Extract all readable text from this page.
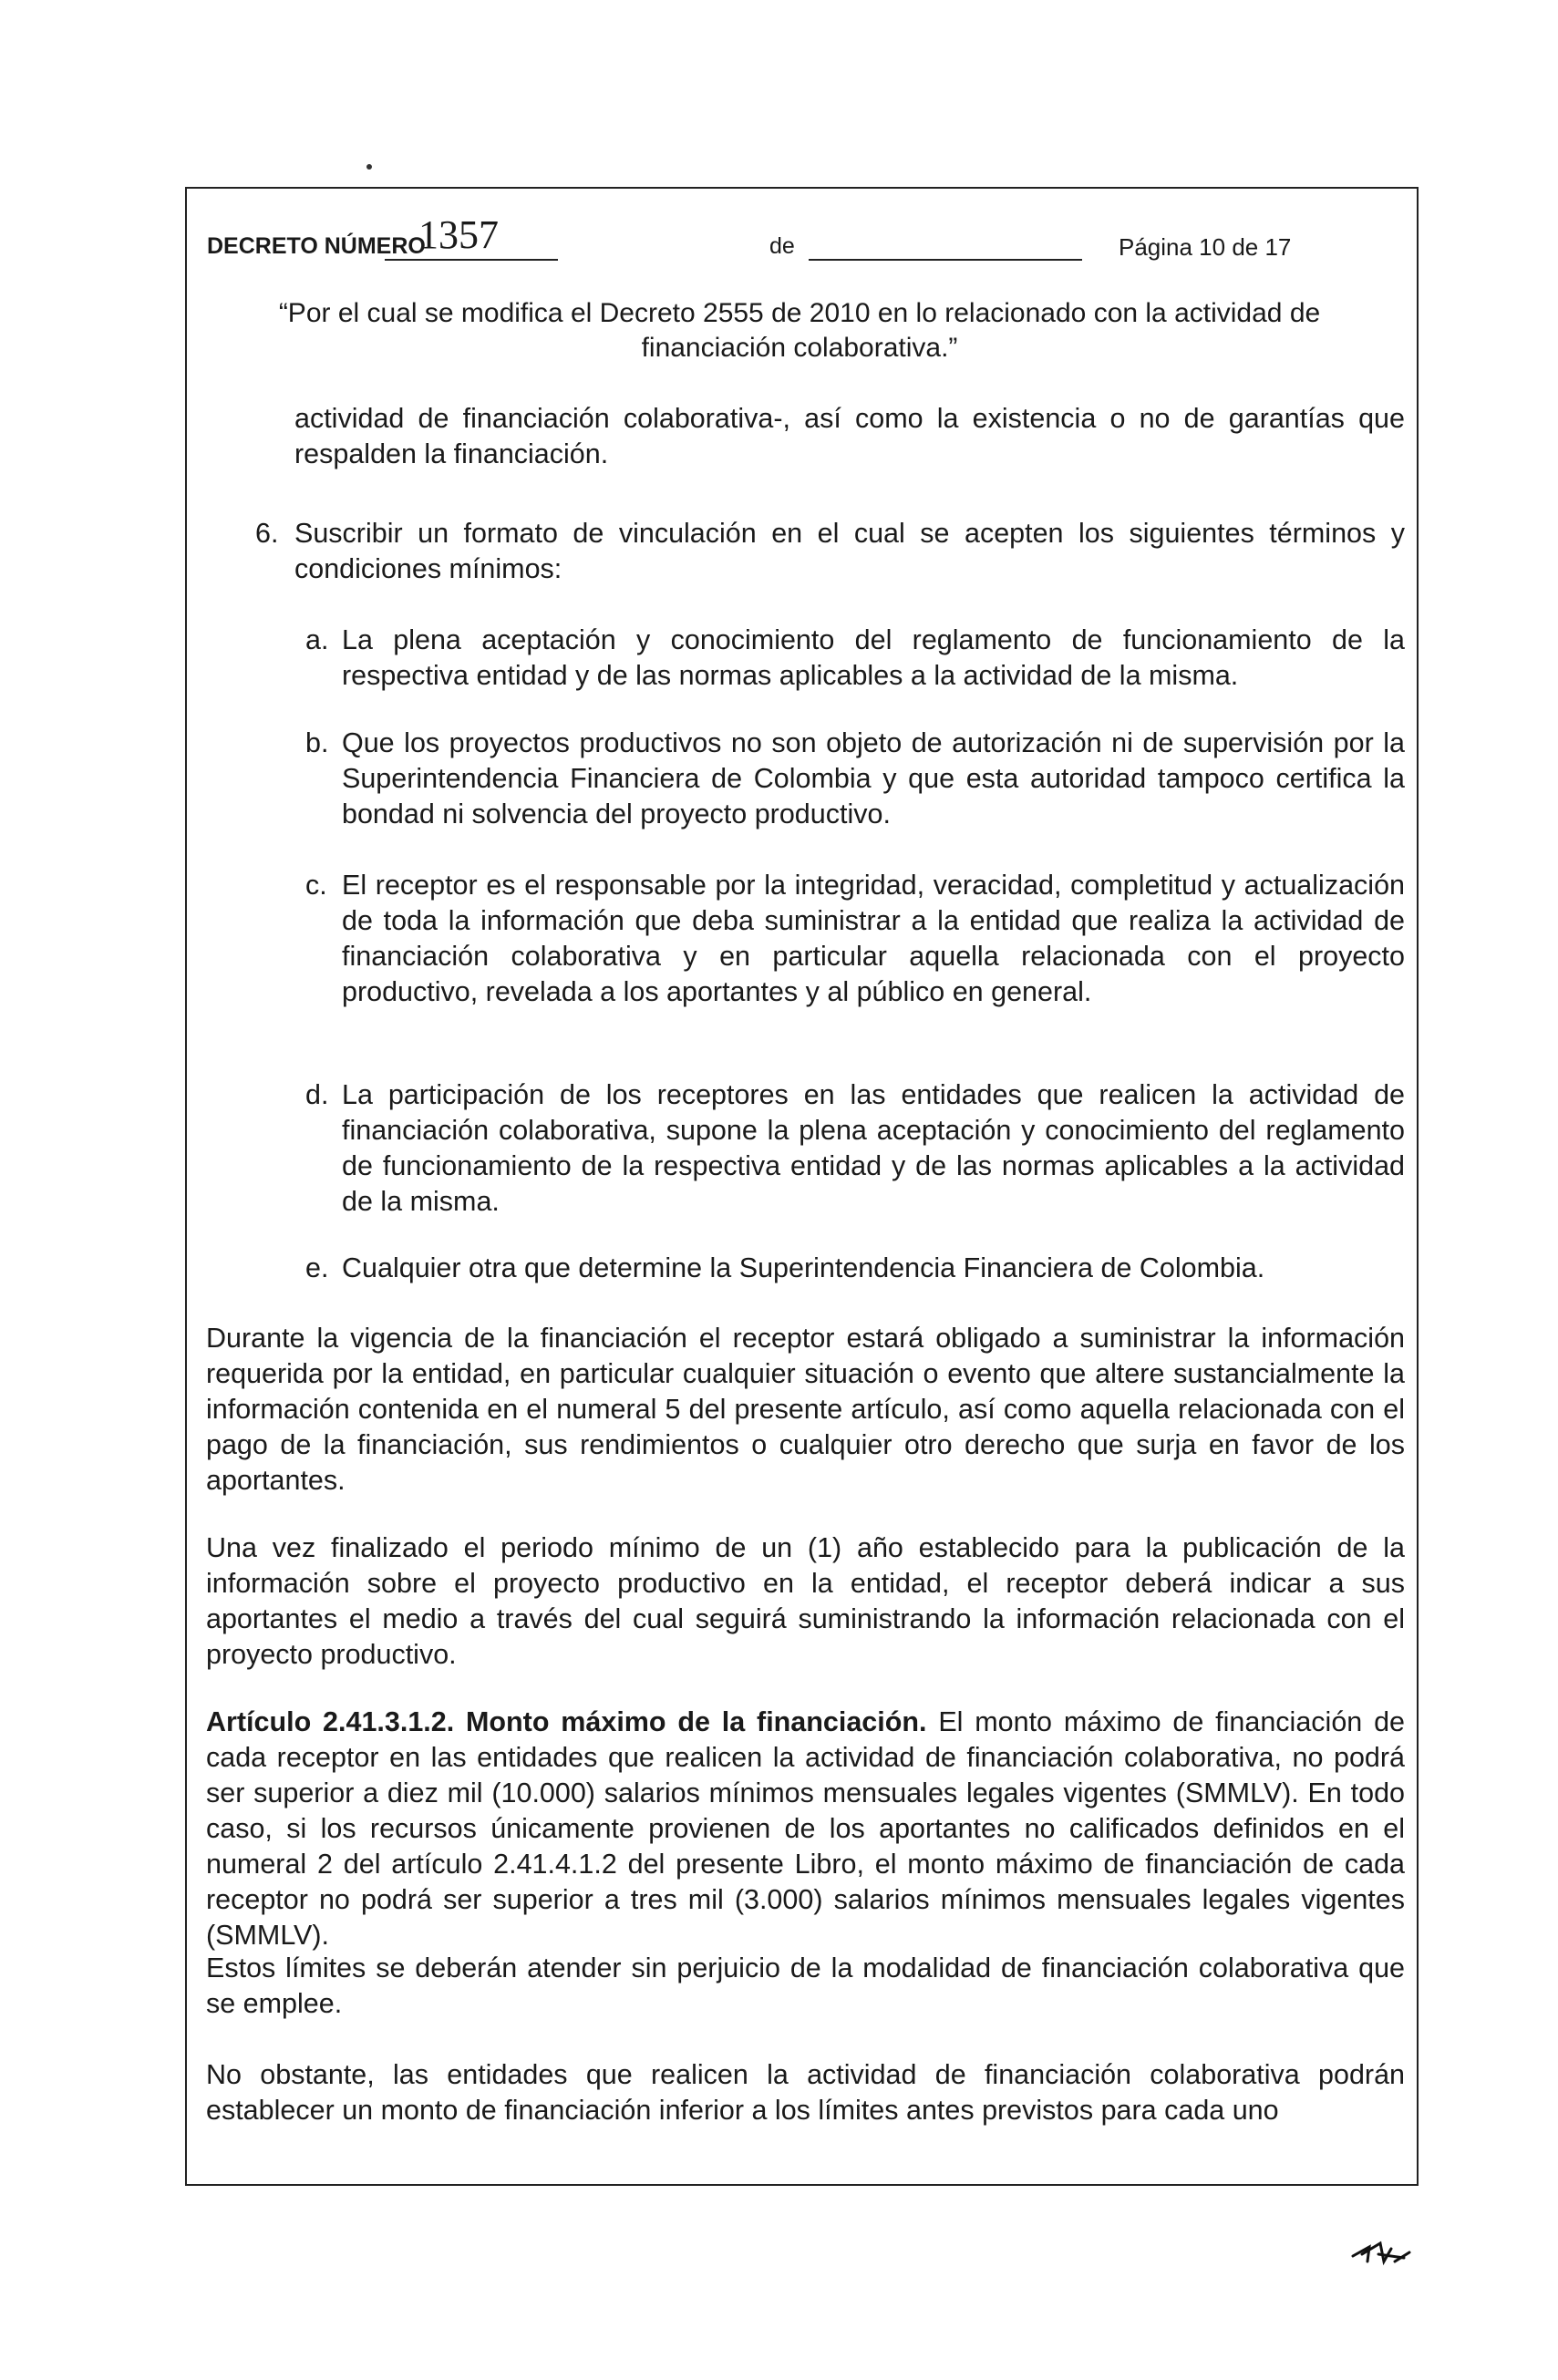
DECRETO NÚMERO
1357	de	Página 10 de 17
“Por el cual se modifica el Decreto 2555 de 2010 en lo relacionado con la actividad de financiación colaborativa.”

actividad de financiación colaborativa-, así como la existencia o no de garantías que respalden la financiación.

6. Suscribir un formato de vinculación en el cual se acepten los siguientes términos y condiciones mínimos:

a. La plena aceptación y conocimiento del reglamento de funcionamiento de la respectiva entidad y de las normas aplicables a la actividad de la misma.

b. Que los proyectos productivos no son objeto de autorización ni de supervisión por la Superintendencia Financiera de Colombia y que esta autoridad tampoco certifica la bondad ni solvencia del proyecto productivo.

c. El receptor es el responsable por la integridad, veracidad, completitud y actualización de toda la información que deba suministrar a la entidad que realiza la actividad de financiación colaborativa y en particular aquella relacionada con el proyecto productivo, revelada a los aportantes y al público en general.

d. La participación de los receptores en las entidades que realicen la actividad de financiación colaborativa, supone la plena aceptación y conocimiento del reglamento de funcionamiento de la respectiva entidad y de las normas aplicables a la actividad de la misma.

e. Cualquier otra que determine la Superintendencia Financiera de Colombia.

Durante la vigencia de la financiación el receptor estará obligado a suministrar la información requerida por la entidad, en particular cualquier situación o evento que altere sustancialmente la información contenida en el numeral 5 del presente artículo, así como aquella relacionada con el pago de la financiación, sus rendimientos o cualquier otro derecho que surja en favor de los aportantes.

Una vez finalizado el periodo mínimo de un (1) año establecido para la publicación de la información sobre el proyecto productivo en la entidad, el receptor deberá indicar a sus aportantes el medio a través del cual seguirá suministrando la información relacionada con el proyecto productivo.

Artículo 2.41.3.1.2. Monto máximo de la financiación. El monto máximo de financiación de cada receptor en las entidades que realicen la actividad de financiación colaborativa, no podrá ser superior a diez mil (10.000) salarios mínimos mensuales legales vigentes (SMMLV). En todo caso, si los recursos únicamente provienen de los aportantes no calificados definidos en el numeral 2 del artículo 2.41.4.1.2 del presente Libro, el monto máximo de financiación de cada receptor no podrá ser superior a tres mil (3.000) salarios mínimos mensuales legales vigentes (SMMLV).

Estos límites se deberán atender sin perjuicio de la modalidad de financiación colaborativa que se emplee.

No obstante, las entidades que realicen la actividad de financiación colaborativa podrán establecer un monto de financiación inferior a los límites antes previstos para cada uno
